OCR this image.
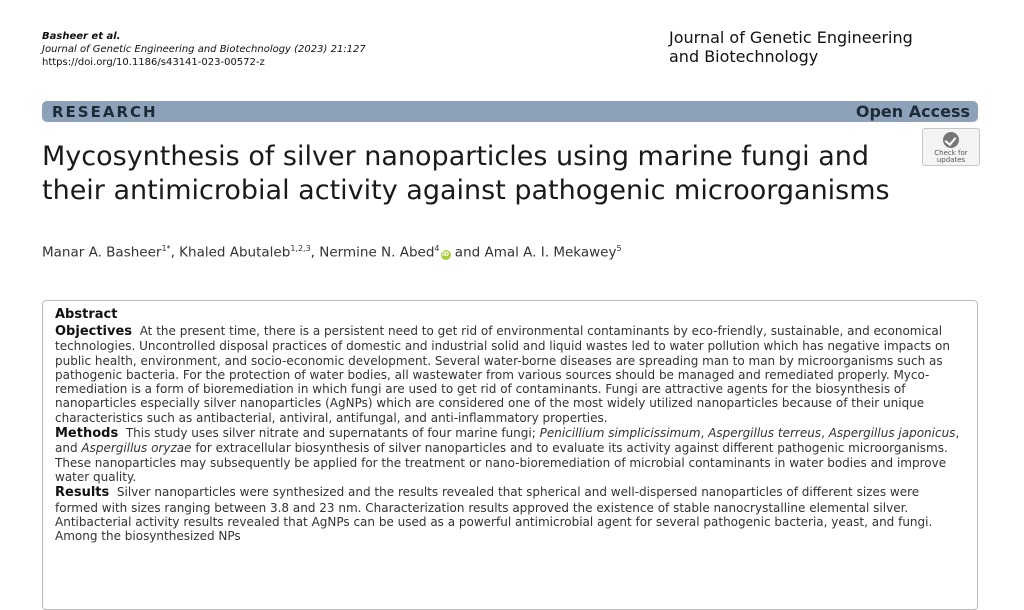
Basheer et al.
Journal of Genetic Engineering and Biotechnology (2023) 21:127
https://doi.org/10.1186/s43141-023-00572-z
Journal of Genetic Engineering
and Biotechnology
RESEARCH	Open Access
Mycosynthesis of silver nanoparticles using marine fungi and their antimicrobial activity against pathogenic microorganisms
Check for
updates
Manar A. Basheer$^{1*}$, Khaled Abutaleb$^{1,2,3}$, Nermine N. Abed$^4$iD and Amal A. I. Mekawey$^5$
Abstract

Objectives At the present time, there is a persistent need to get rid of environmental contaminants by eco-friendly, sustainable, and economical technologies. Uncontrolled disposal practices of domestic and industrial solid and liquid wastes led to water pollution which has negative impacts on public health, environment, and socio-economic development. Several water-borne diseases are spreading man to man by microorganisms such as pathogenic bacteria. For the protection of water bodies, all wastewater from various sources should be managed and remediated properly. Myco-remediation is a form of bioremediation in which fungi are used to get rid of contaminants. Fungi are attractive agents for the biosynthesis of nanoparticles especially silver nanoparticles (AgNPs) which are considered one of the most widely utilized nanoparticles because of their unique characteristics such as antibacterial, antiviral, antifungal, and anti-inflammatory properties.

Methods This study uses silver nitrate and supernatants of four marine fungi; Penicillium simplicissimum, Aspergillus terreus, Aspergillus japonicus, and Aspergillus oryzae for extracellular biosynthesis of silver nanoparticles and to evaluate its activity against different pathogenic microorganisms. These nanoparticles may subsequently be applied for the treatment or nano-bioremediation of microbial contaminants in water bodies and improve water quality.

Results Silver nanoparticles were synthesized and the results revealed that spherical and well-dispersed nanoparticles of different sizes were formed with sizes ranging between 3.8 and 23 nm. Characterization results approved the existence of stable nanocrystalline elemental silver. Antibacterial activity results revealed that AgNPs can be used as a powerful antimicrobial agent for several pathogenic bacteria, yeast, and fungi. Among the biosynthesized NPs
